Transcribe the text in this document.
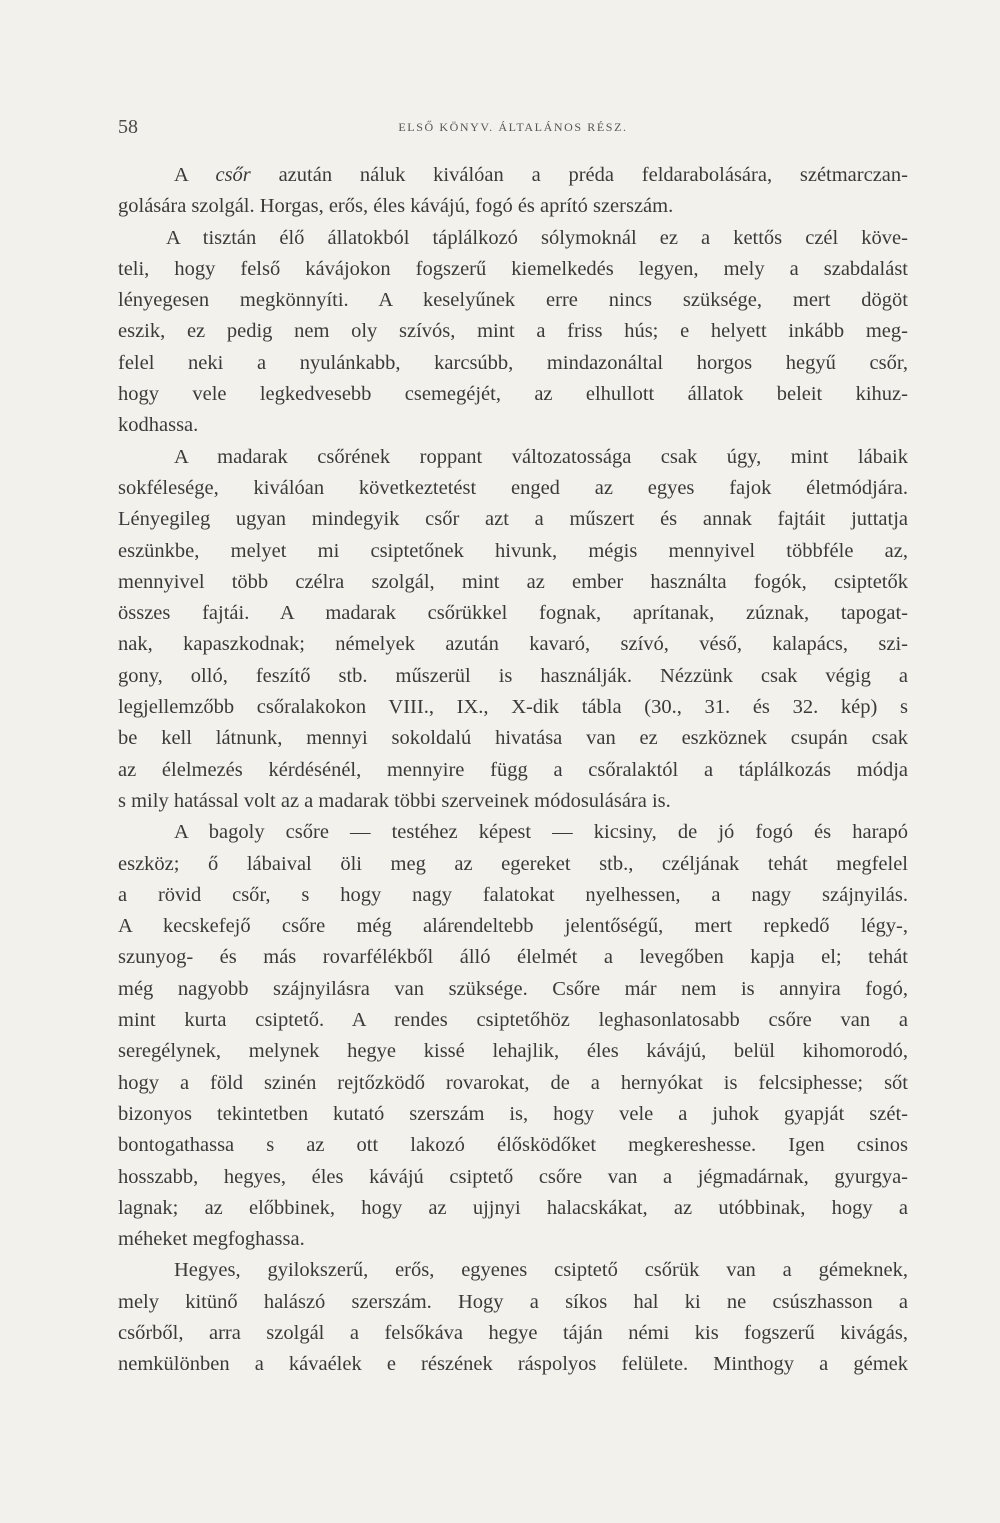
58	ELSŐ KÖNYV. ÁLTALÁNOS RÉSZ.
A csőr azután náluk kiválóan a préda feldarabolására, szétmarczan-
golására szolgál. Horgas, erős, éles kávájú, fogó és aprító szerszám.
A tisztán élő állatokból táplálkozó sólymoknál ez a kettős czél köve-
teli, hogy felső kávájokon fogszerű kiemelkedés legyen, mely a szabdalást
lényegesen megkönnyíti. A keselyűnek erre nincs szüksége, mert dögöt
eszik, ez pedig nem oly szívós, mint a friss hús; e helyett inkább meg-
felel neki a nyulánkabb, karcsúbb, mindazonáltal horgos hegyű csőr,
hogy vele legkedvesebb csemegéjét, az elhullott állatok beleit kihuz-
kodhassa.
A madarak csőrének roppant változatossága csak úgy, mint lábaik
sokfélesége, kiválóan következtetést enged az egyes fajok életmódjára.
Lényegileg ugyan mindegyik csőr azt a műszert és annak fajtáit juttatja
eszünkbe, melyet mi csiptetőnek hivunk, mégis mennyivel többféle az,
mennyivel több czélra szolgál, mint az ember használta fogók, csiptetők
összes fajtái. A madarak csőrükkel fognak, aprítanak, zúznak, tapogat-
nak, kapaszkodnak; némelyek azután kavaró, szívó, véső, kalapács, szi-
gony, olló, feszítő stb. műszerül is használják. Nézzünk csak végig a
legjellemzőbb csőralakokon VIII., IX., X-dik tábla (30., 31. és 32. kép) s
be kell látnunk, mennyi sokoldalú hivatása van ez eszköznek csupán csak
az élelmezés kérdésénél, mennyire függ a csőralaktól a táplálkozás módja
s mily hatással volt az a madarak többi szerveinek módosulására is.
A bagoly csőre — testéhez képest — kicsiny, de jó fogó és harapó
eszköz; ő lábaival öli meg az egereket stb., czéljának tehát megfelel
a rövid csőr, s hogy nagy falatokat nyelhessen, a nagy szájnyilás.
A kecskefejő csőre még alárendeltebb jelentőségű, mert repkedő légy-,
szunyog- és más rovarfélékből álló élelmét a levegőben kapja el; tehát
még nagyobb szájnyilásra van szüksége. Csőre már nem is annyira fogó,
mint kurta csiptető. A rendes csiptetőhöz leghasonlatosabb csőre van a
seregélynek, melynek hegye kissé lehajlik, éles kávájú, belül kihomorodó,
hogy a föld szinén rejtőzködő rovarokat, de a hernyókat is felcsiphesse; sőt
bizonyos tekintetben kutató szerszám is, hogy vele a juhok gyapját szét-
bontogathassa s az ott lakozó élősködőket megkereshesse. Igen csinos
hosszabb, hegyes, éles kávájú csiptető csőre van a jégmadárnak, gyurgya-
lagnak; az előbbinek, hogy az ujjnyi halacskákat, az utóbbinak, hogy a
méheket megfoghassa.
Hegyes, gyilokszerű, erős, egyenes csiptető csőrük van a gémeknek,
mely kitünő halászó szerszám. Hogy a síkos hal ki ne csúszhasson a
csőrből, arra szolgál a felsőkáva hegye táján némi kis fogszerű kivágás,
nemkülönben a kávaélek e részének ráspolyos felülete. Minthogy a gémek
